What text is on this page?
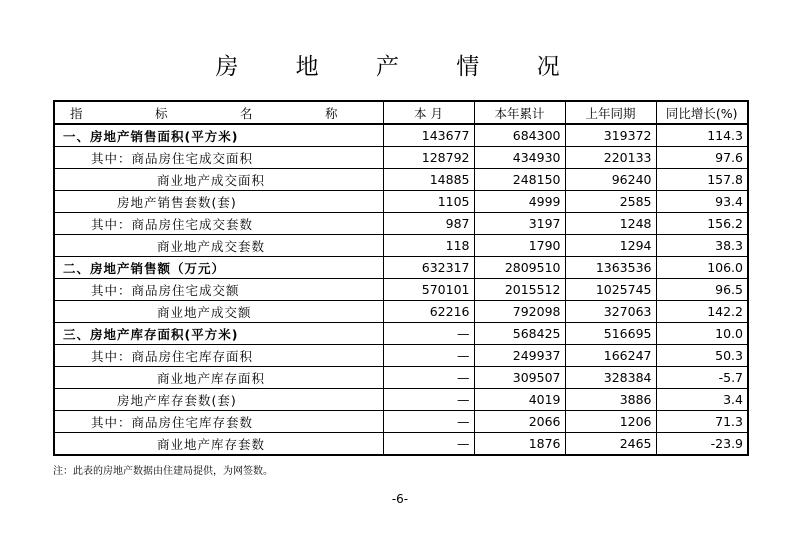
房 地 产 情 况
指　标　名　称	本 月	本年累计	上年同期	同比增长(%)
一、房地产销售面积(平方米)	143677	684300	319372	114.3
其中：商品房住宅成交面积	128792	434930	220133	97.6
商业地产成交面积	14885	248150	96240	157.8
房地产销售套数(套)	1105	4999	2585	93.4
其中：商品房住宅成交套数	987	3197	1248	156.2
商业地产成交套数	118	1790	1294	38.3
二、房地产销售额（万元）	632317	2809510	1363536	106.0
其中：商品房住宅成交额	570101	2015512	1025745	96.5
商业地产成交额	62216	792098	327063	142.2
三、房地产库存面积(平方米)	—	568425	516695	10.0
其中：商品房住宅库存面积	—	249937	166247	50.3
商业地产库存面积	—	309507	328384	-5.7
房地产库存套数(套)	—	4019	3886	3.4
其中：商品房住宅库存套数	—	2066	1206	71.3
商业地产库存套数	—	1876	2465	-23.9
注：此表的房地产数据由住建局提供，为网签数。
-6-
